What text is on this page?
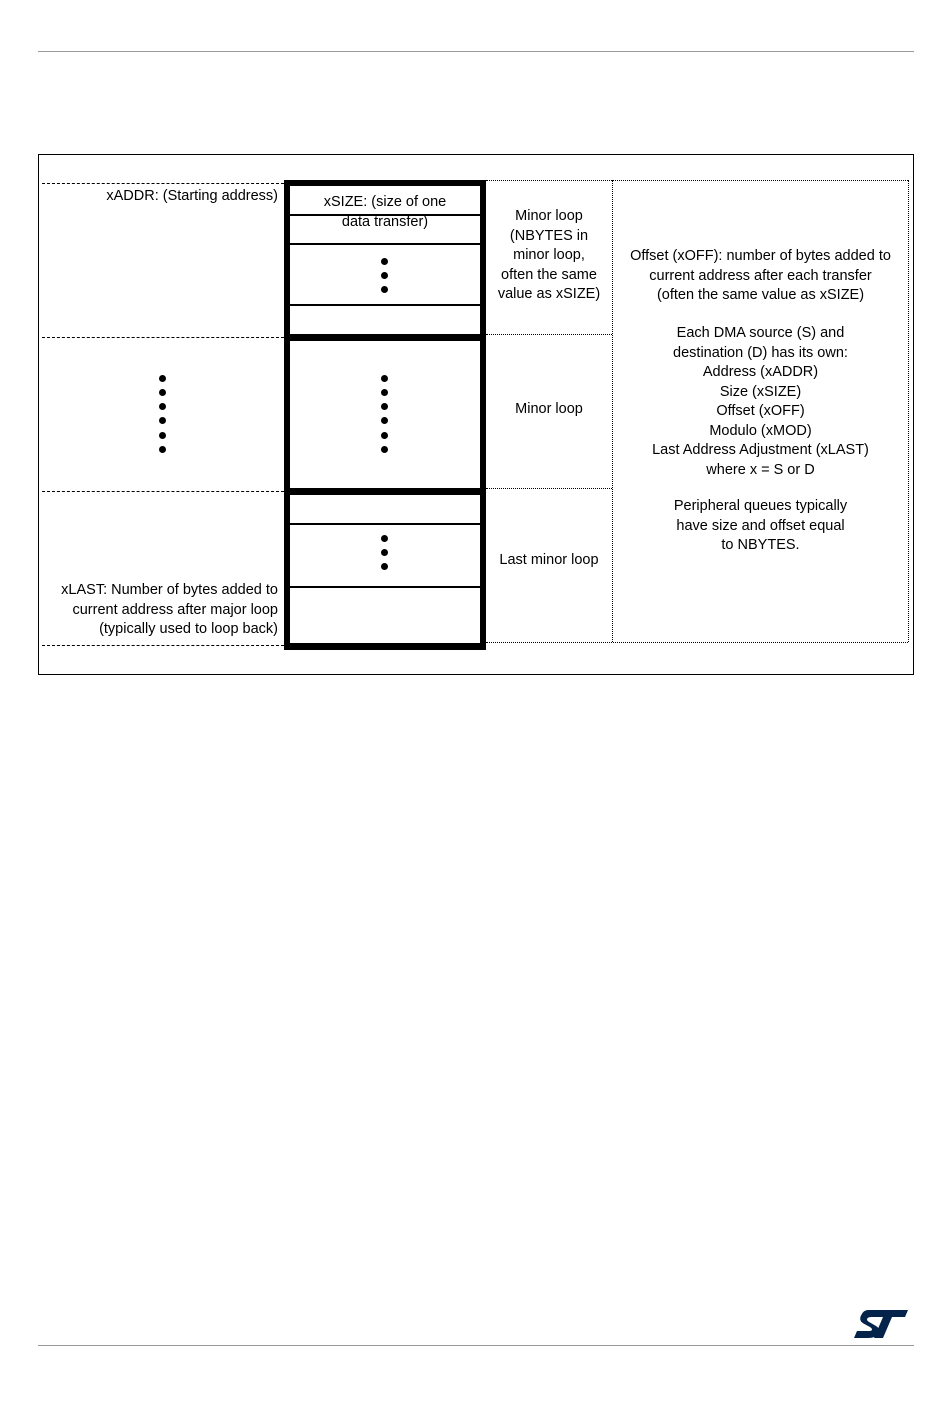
xADDR: (Starting address)
xLAST: Number of bytes added to
current address after major loop
(typically used to loop back)
xSIZE: (size of one
data transfer)	Minor loop
(NBYTES in
minor loop,
often the same
value as xSIZE)
Minor loop
Last minor loop
Offset (xOFF): number of bytes added to
current address after each transfer
(often the same value as xSIZE)
Each DMA source (S) and
destination (D) has its own:
Address (xADDR)
Size (xSIZE)
Offset (xOFF)
Modulo (xMOD)
Last Address Adjustment (xLAST)
where x = S or D
Peripheral queues typically
have size and offset equal
to NBYTES.
